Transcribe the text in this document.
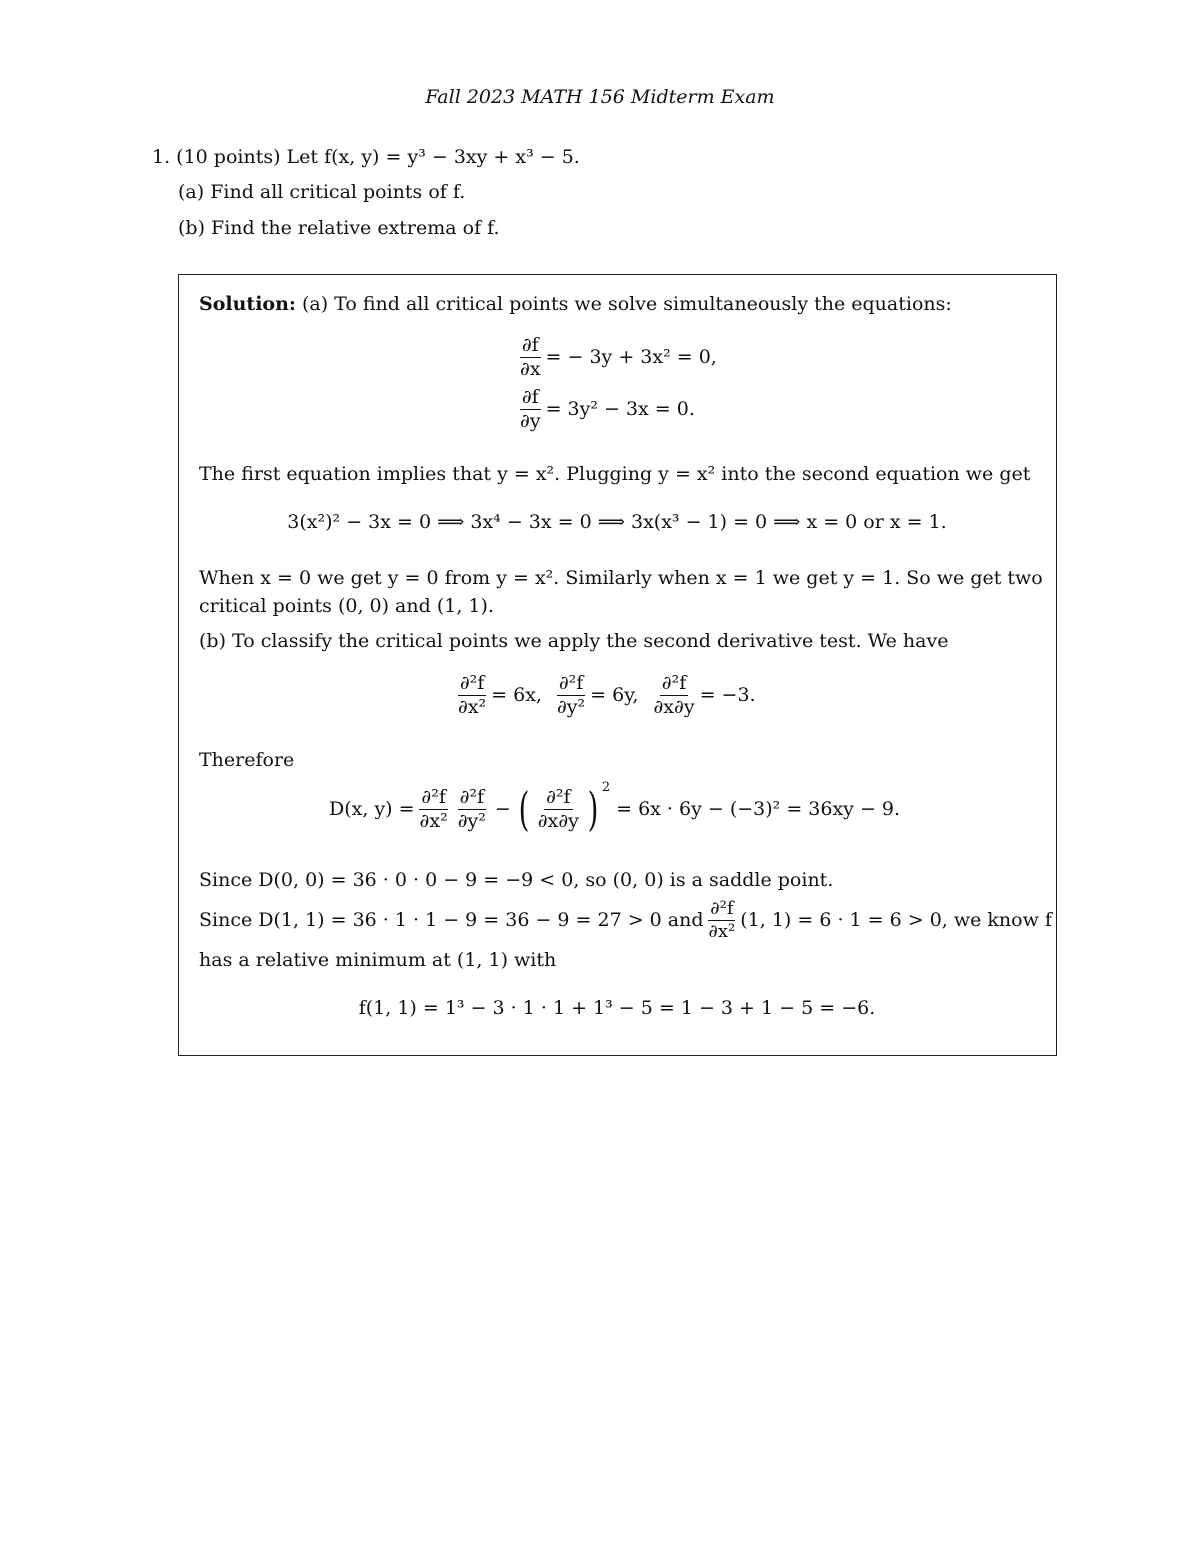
Fall 2023 MATH 156 Midterm Exam
1. (10 points) Let f(x, y) = y³ − 3xy + x³ − 5.
(a) Find all critical points of f.
(b) Find the relative extrema of f.
Solution: (a) To find all critical points we solve simultaneously the equations:
$\frac{\partial f}{\partial x}$ = − 3y + 3x² = 0,
$\frac{\partial f}{\partial y} = 3y^2 - 3x = 0$.
The first equation implies that y = x². Plugging y = x² into the second equation we get
3(x²)² − 3x = 0 ⟹ 3x⁴ − 3x = 0 ⟹ 3x(x³ − 1) = 0 ⟹ x = 0 or x = 1.
When x = 0 we get y = 0 from y = x². Similarly when x = 1 we get y = 1. So we get two
critical points (0, 0) and (1, 1).
(b) To classify the critical points we apply the second derivative test. We have
$\frac{\text{∂²f}}{\text{∂x²}} = 6x$, $\frac{\text{∂²f}}{\text{∂y²}} = 6y$, $\frac{\text{∂²f}}{\partial x\partial y} = -3$.
Therefore
D(x, $y) = \frac{\text{∂²f}}{\text{∂x²}} \frac{\text{∂²f}}{\text{∂y²}}$ − ( $\frac{\text{∂²f}}{\partial x\partial y}$ ) 2
= 6x · 6y − (−3)² = 36xy − 9.
Since D(0, 0) = 36 · 0 · 0 − 9 = −9 < 0, so (0, 0) is a saddle point.
Since D(1, 1) = 36 · 1 · 1 − 9 = 36 − 9 = 27 > 0 and $\frac{\text{∂²f}}{\text{∂x²}} (1$, 1) = 6 · 1 = 6 > 0, we know f
has a relative minimum at (1, 1) with
f(1, 1) = 1³ − 3 · 1 · 1 + 1³ − 5 = 1 − 3 + 1 − 5 = −6.
